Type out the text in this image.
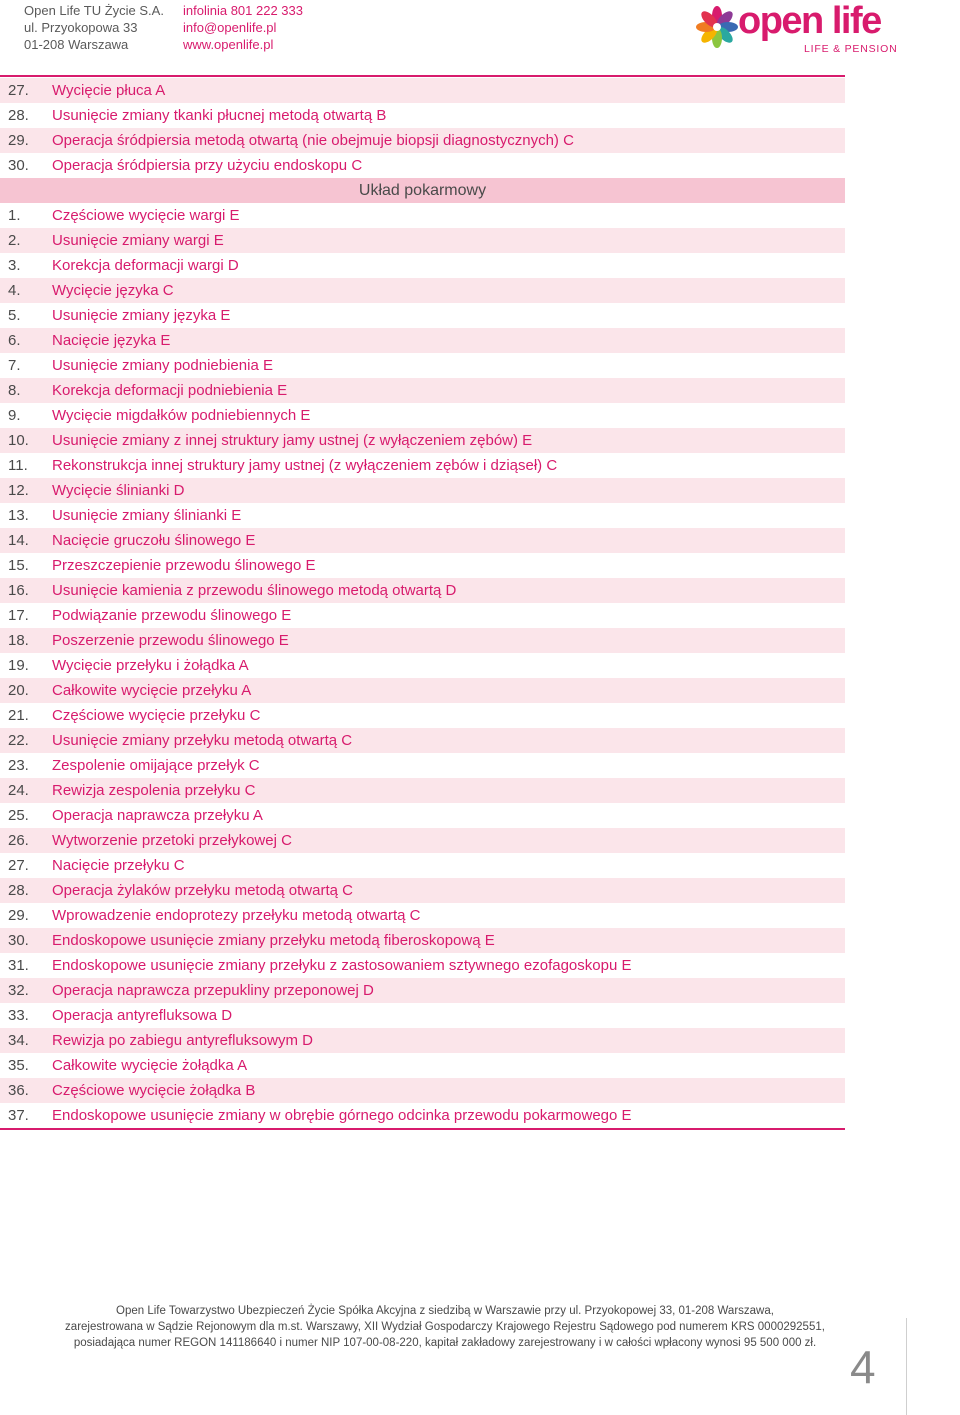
Open Life TU Życie S.A.
ul. Przyokopowa 33
01-208 Warszawa
infolinia 801 222 333
info@openlife.pl
www.openlife.pl
open life
LIFE & PENSION
27. Wycięcie płuca A
28. Usunięcie zmiany tkanki płucnej metodą otwartą B
29. Operacja śródpiersia metodą otwartą (nie obejmuje biopsji diagnostycznych) C
30. Operacja śródpiersia przy użyciu endoskopu C
Układ pokarmowy
1. Częściowe wycięcie wargi E
2. Usunięcie zmiany wargi E
3. Korekcja deformacji wargi D
4. Wycięcie języka C
5. Usunięcie zmiany języka E
6. Nacięcie języka E
7. Usunięcie zmiany podniebienia E
8. Korekcja deformacji podniebienia E
9. Wycięcie migdałków podniebiennych E
10. Usunięcie zmiany z innej struktury jamy ustnej (z wyłączeniem zębów) E
11. Rekonstrukcja innej struktury jamy ustnej (z wyłączeniem zębów i dziąseł) C
12. Wycięcie ślinianki D
13. Usunięcie zmiany ślinianki E
14. Nacięcie gruczołu ślinowego E
15. Przeszczepienie przewodu ślinowego E
16. Usunięcie kamienia z przewodu ślinowego metodą otwartą D
17. Podwiązanie przewodu ślinowego E
18. Poszerzenie przewodu ślinowego E
19. Wycięcie przełyku i żołądka A
20. Całkowite wycięcie przełyku A
21. Częściowe wycięcie przełyku C
22. Usunięcie zmiany przełyku metodą otwartą C
23. Zespolenie omijające przełyk C
24. Rewizja zespolenia przełyku C
25. Operacja naprawcza przełyku A
26. Wytworzenie przetoki przełykowej C
27. Nacięcie przełyku C
28. Operacja żylaków przełyku metodą otwartą C
29. Wprowadzenie endoprotezy przełyku metodą otwartą C
30. Endoskopowe usunięcie zmiany przełyku metodą fiberoskopową E
31. Endoskopowe usunięcie zmiany przełyku z zastosowaniem sztywnego ezofagoskopu E
32. Operacja naprawcza przepukliny przeponowej D
33. Operacja antyrefluksowa D
34. Rewizja po zabiegu antyrefluksowym D
35. Całkowite wycięcie żołądka A
36. Częściowe wycięcie żołądka B
37. Endoskopowe usunięcie zmiany w obrębie górnego odcinka przewodu pokarmowego E
Open Life Towarzystwo Ubezpieczeń Życie Spółka Akcyjna z siedzibą w Warszawie przy ul. Przyokopowej 33, 01-208 Warszawa,
zarejestrowana w Sądzie Rejonowym dla m.st. Warszawy, XII Wydział Gospodarczy Krajowego Rejestru Sądowego pod numerem KRS 0000292551,
posiadająca numer REGON 141186640 i numer NIP 107-00-08-220, kapitał zakładowy zarejestrowany i w całości wpłacony wynosi 95 500 000 zł. 4
